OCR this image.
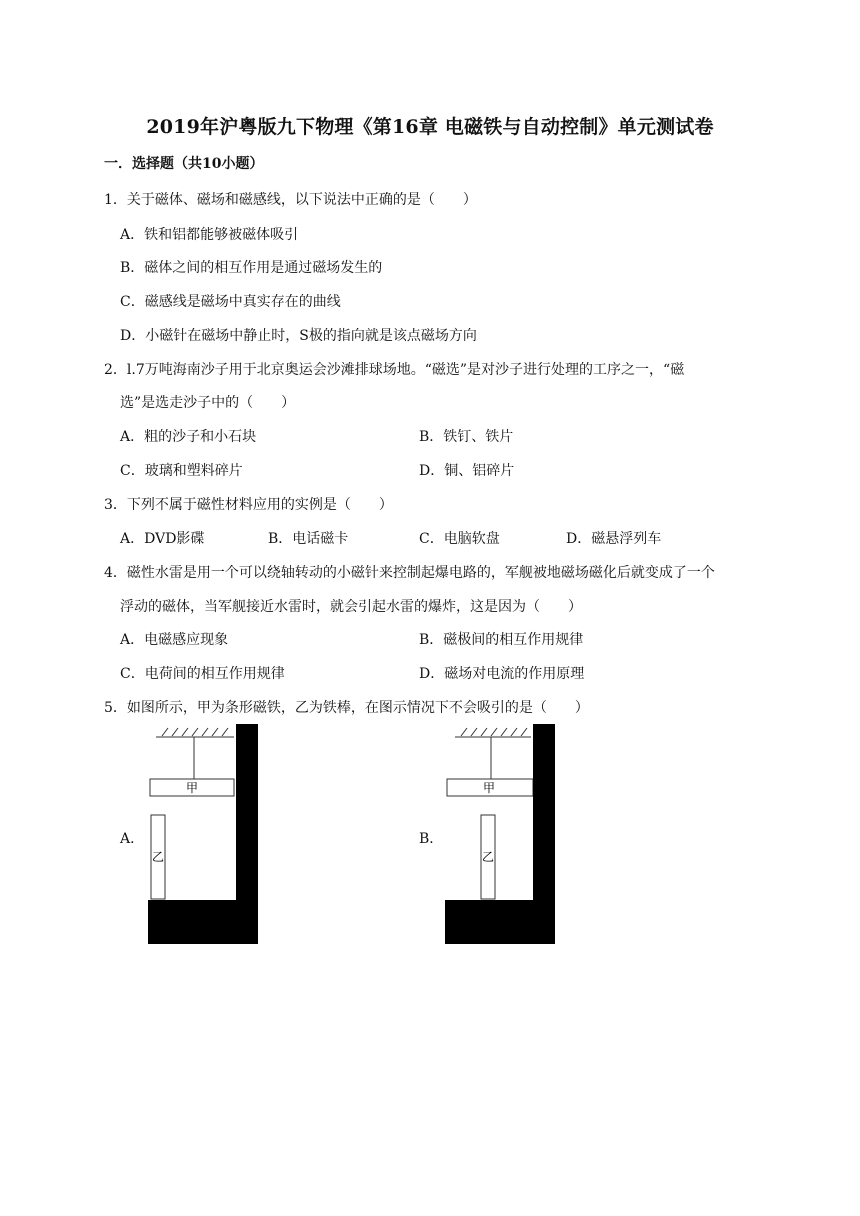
2019年沪粤版九下物理《第16章 电磁铁与自动控制》单元测试卷
一．选择题（共10小题）
1．关于磁体、磁场和磁感线，以下说法中正确的是（　　）
A．铁和铝都能够被磁体吸引
B．磁体之间的相互作用是通过磁场发生的
C．磁感线是磁场中真实存在的曲线
D．小磁针在磁场中静止时，S极的指向就是该点磁场方向
2．l.7万吨海南沙子用于北京奥运会沙滩排球场地。“磁选”是对沙子进行处理的工序之一，“磁
选”是选走沙子中的（　　）
A．粗的沙子和小石块	B．铁钉、铁片
C．玻璃和塑料碎片	D．铜、铝碎片
3．下列不属于磁性材料应用的实例是（　　）
A．DVD影碟	B．电话磁卡	C．电脑软盘	D．磁悬浮列车
4．磁性水雷是用一个可以绕轴转动的小磁针来控制起爆电路的，军舰被地磁场磁化后就变成了一个
浮动的磁体，当军舰接近水雷时，就会引起水雷的爆炸，这是因为（　　）
A．电磁感应现象	B．磁极间的相互作用规律
C．电荷间的相互作用规律	D．磁场对电流的作用原理
5．如图所示，甲为条形磁铁，乙为铁棒，在图示情况下不会吸引的是（　　）
A．
甲
乙
B．
甲
乙
